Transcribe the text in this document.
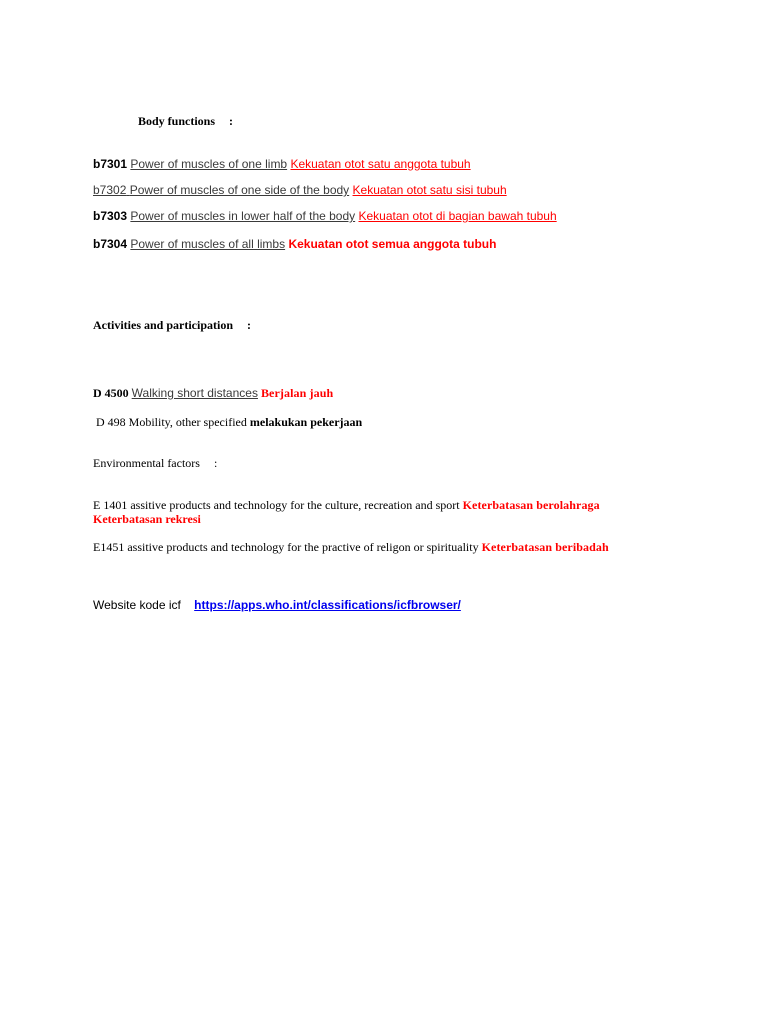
Body functions :
b7301 Power of muscles of one limb Kekuatan otot satu anggota tubuh
b7302 Power of muscles of one side of the body Kekuatan otot satu sisi tubuh
b7303 Power of muscles in lower half of the body Kekuatan otot di bagian bawah tubuh
b7304 Power of muscles of all limbs Kekuatan otot semua anggota tubuh
Activities and participation :
D 4500 Walking short distances Berjalan jauh
D 498 Mobility, other specified melakukan pekerjaan
Environmental factors :
E 1401 assitive products and technology for the culture, recreation and sport Keterbatasan berolahraga
Keterbatasan rekresi
E1451 assitive products and technology for the practive of religon or spirituality Keterbatasan beribadah
Website kode icf https://apps.who.int/classifications/icfbrowser/
